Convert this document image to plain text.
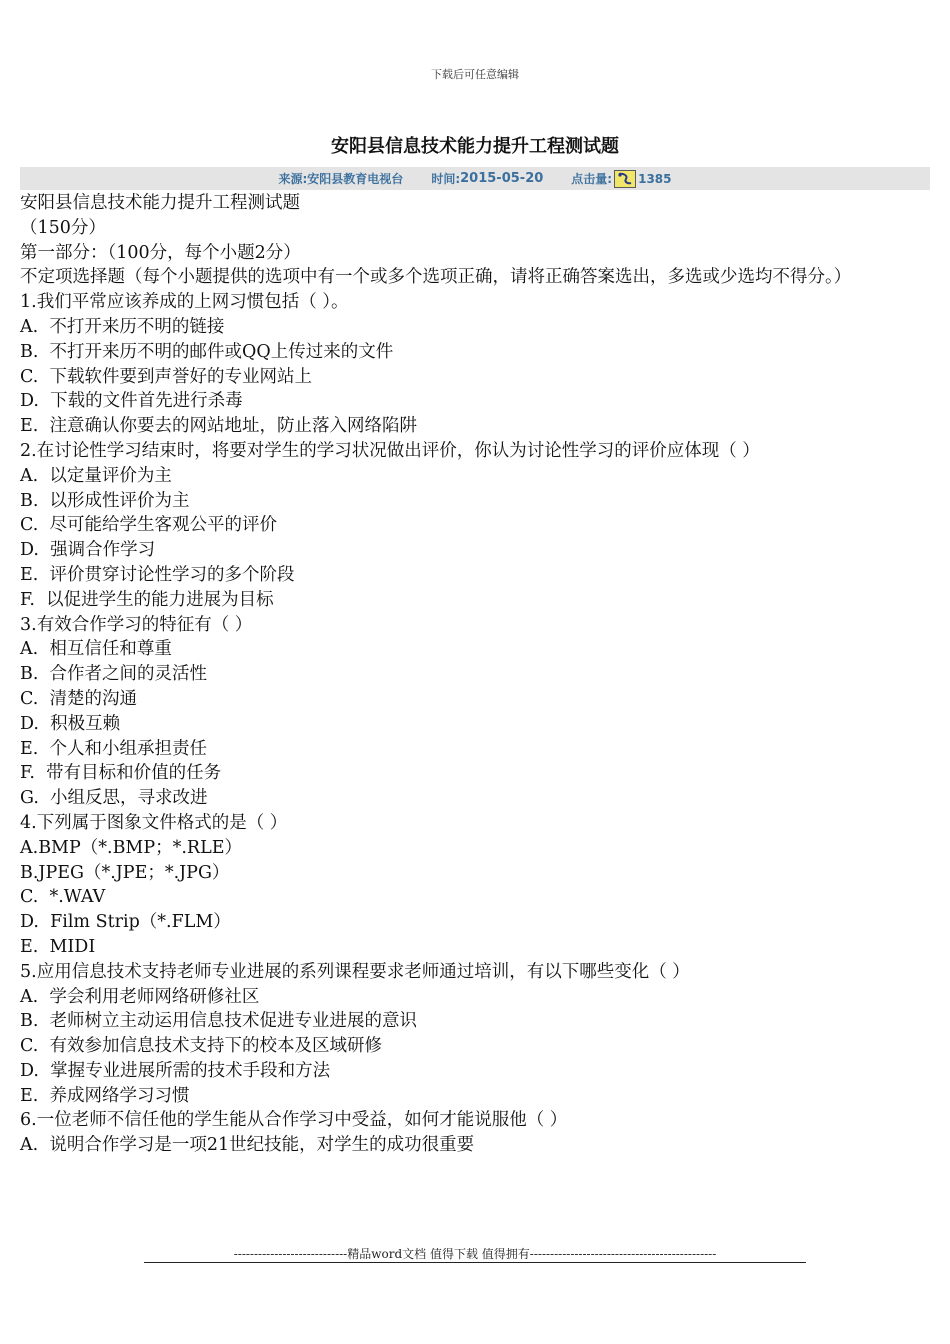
下载后可任意编辑
安阳县信息技术能力提升工程测试题
来源: 安阳县教育电视台 时间: 2015-05-20 点击量: 1385
安阳县信息技术能力提升工程测试题
（150分）
第一部分：（100分，每个小题2分）
不定项选择题（每个小题提供的选项中有一个或多个选项正确，请将正确答案选出，多选或少选均不得分。）
1.我们平常应该养成的上网习惯包括（ ）。
A.  不打开来历不明的链接
B.  不打开来历不明的邮件或QQ上传过来的文件
C.  下载软件要到声誉好的专业网站上
D.  下载的文件首先进行杀毒
E.  注意确认你要去的网站地址，防止落入网络陷阱
2.在讨论性学习结束时，将要对学生的学习状况做出评价，你认为讨论性学习的评价应体现（ ）
A.  以定量评价为主
B.  以形成性评价为主
C.  尽可能给学生客观公平的评价
D.  强调合作学习
E.  评价贯穿讨论性学习的多个阶段
F.  以促进学生的能力进展为目标
3.有效合作学习的特征有（ ）
A.  相互信任和尊重
B.  合作者之间的灵活性
C.  清楚的沟通
D.  积极互赖
E.  个人和小组承担责任
F.  带有目标和价值的任务
G.  小组反思，寻求改进
4.下列属于图象文件格式的是（ ）
A.BMP（*.BMP；*.RLE）
B.JPEG（*.JPE；*.JPG）
C.  *.WAV
D.  Film Strip（*.FLM）
E.  MIDI
5.应用信息技术支持老师专业进展的系列课程要求老师通过培训，有以下哪些变化（ ）
A.  学会利用老师网络研修社区
B.  老师树立主动运用信息技术促进专业进展的意识
C.  有效参加信息技术支持下的校本及区域研修
D.  掌握专业进展所需的技术手段和方法
E.  养成网络学习习惯
6.一位老师不信任他的学生能从合作学习中受益，如何才能说服他（ ）
A.  说明合作学习是一项21世纪技能，对学生的成功很重要
----------------------------精品word文档 值得下载 值得拥有----------------------------------------------
